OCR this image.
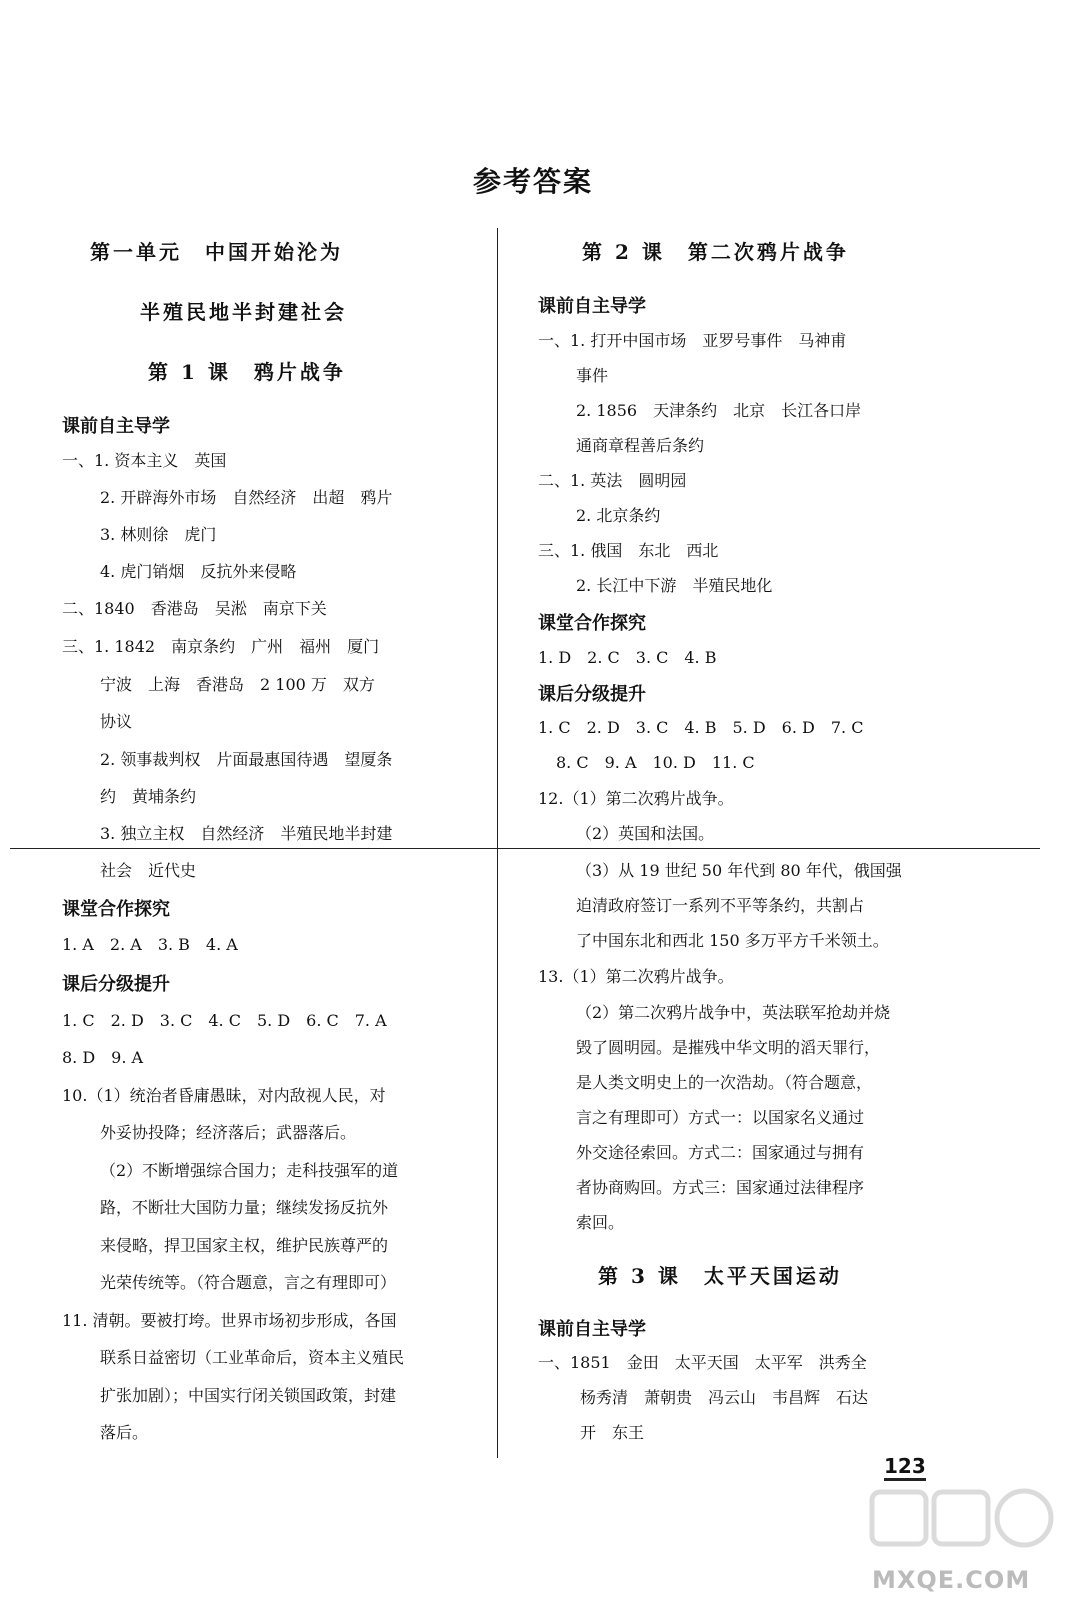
参考答案
第一单元　中国开始沦为
半殖民地半封建社会
第 1 课　鸦片战争
课前自主导学
一、1. 资本主义　英国
2. 开辟海外市场　自然经济　出超　鸦片
3. 林则徐　虎门
4. 虎门销烟　反抗外来侵略
二、1840　香港岛　吴淞　南京下关
三、1. 1842　南京条约　广州　福州　厦门
宁波　上海　香港岛　2 100 万　双方
协议
2. 领事裁判权　片面最惠国待遇　望厦条
约　黄埔条约
3. 独立主权　自然经济　半殖民地半封建
社会　近代史
课堂合作探究
1. A　2. A　3. B　4. A
课后分级提升
1. C　2. D　3. C　4. C　5. D　6. C　7. A
8. D　9. A
10.（1）统治者昏庸愚昧，对内敌视人民，对
外妥协投降；经济落后；武器落后。
（2）不断增强综合国力；走科技强军的道
路，不断壮大国防力量；继续发扬反抗外
来侵略，捍卫国家主权，维护民族尊严的
光荣传统等。（符合题意，言之有理即可）
11. 清朝。要被打垮。世界市场初步形成，各国
联系日益密切（工业革命后，资本主义殖民
扩张加剧）；中国实行闭关锁国政策，封建
落后。
第 2 课　第二次鸦片战争
课前自主导学
一、1. 打开中国市场　亚罗号事件　马神甫
事件
2. 1856　天津条约　北京　长江各口岸
通商章程善后条约
二、1. 英法　圆明园
2. 北京条约
三、1. 俄国　东北　西北
2. 长江中下游　半殖民地化
课堂合作探究
1. D　2. C　3. C　4. B
课后分级提升
1. C　2. D　3. C　4. B　5. D　6. D　7. C
8. C　9. A　10. D　11. C
12.（1）第二次鸦片战争。
（2）英国和法国。
（3）从 19 世纪 50 年代到 80 年代，俄国强
迫清政府签订一系列不平等条约，共割占
了中国东北和西北 150 多万平方千米领土。
13.（1）第二次鸦片战争。
（2）第二次鸦片战争中，英法联军抢劫并烧
毁了圆明园。是摧残中华文明的滔天罪行，
是人类文明史上的一次浩劫。（符合题意，
言之有理即可）方式一：以国家名义通过
外交途径索回。方式二：国家通过与拥有
者协商购回。方式三：国家通过法律程序
索回。
第 3 课　太平天国运动
课前自主导学
一、1851　金田　太平天国　太平军　洪秀全
杨秀清　萧朝贵　冯云山　韦昌辉　石达
开　东王
123
MXQE.COM
